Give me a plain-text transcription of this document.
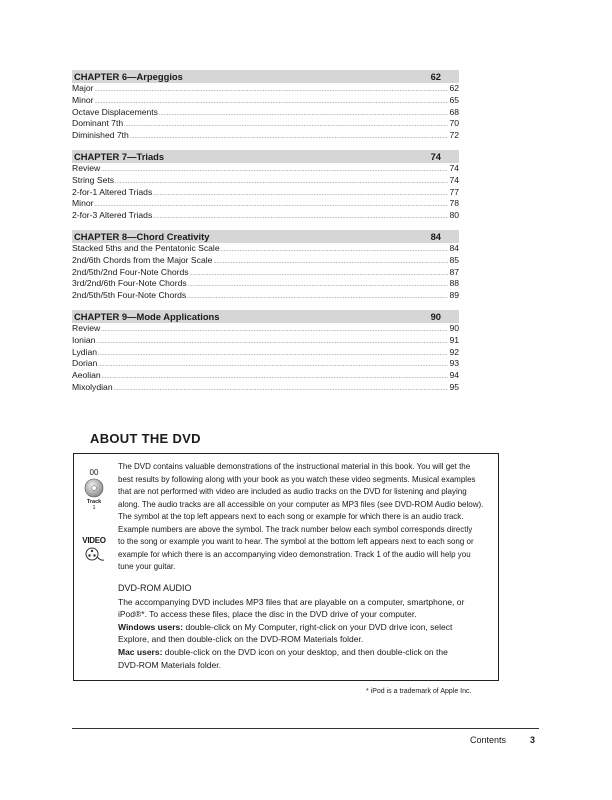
CHAPTER 6—Arpeggios	62
Major .....	62
Minor .....	65
Octave Displacements .....	68
Dominant 7th .....	70
Diminished 7th .....	72
CHAPTER 7—Triads	74
Review .....	74
String Sets .....	74
2-for-1 Altered Triads .....	77
Minor .....	78
2-for-3 Altered Triads .....	80
CHAPTER 8—Chord Creativity	84
Stacked 5ths and the Pentatonic Scale .....	84
2nd/6th Chords from the Major Scale .....	85
2nd/5th/2nd Four-Note Chords .....	87
3rd/2nd/6th Four-Note Chords .....	88
2nd/5th/5th Four-Note Chords .....	89
CHAPTER 9—Mode Applications	90
Review .....	90
Ionian .....	91
Lydian .....	92
Dorian .....	93
Aeolian .....	94
Mixolydian .....	95
ABOUT THE DVD
00
Track
1
VIDEO
The DVD contains valuable demonstrations of the instructional material in this book. You will get the
best results by following along with your book as you watch these video segments. Musical examples
that are not performed with video are included as audio tracks on the DVD for listening and playing
along. The audio tracks are all accessible on your computer as MP3 files (see DVD-ROM Audio below).
The symbol at the top left appears next to each song or example for which there is an audio track.
Example numbers are above the symbol. The track number below each symbol corresponds directly
to the song or example you want to hear. The symbol at the bottom left appears next to each song or
example for which there is an accompanying video demonstration. Track 1 of the audio will help you
tune your guitar.
DVD-ROM AUDIO
The accompanying DVD includes MP3 files that are playable on a computer, smartphone, or
iPod®*. To access these files, place the disc in the DVD drive of your computer.
Windows users: double-click on My Computer, right-click on your DVD drive icon, select
Explore, and then double-click on the DVD-ROM Materials folder.
Mac users: double-click on the DVD icon on your desktop, and then double-click on the
DVD-ROM Materials folder.
* iPod is a trademark of Apple Inc.
Contents	3
